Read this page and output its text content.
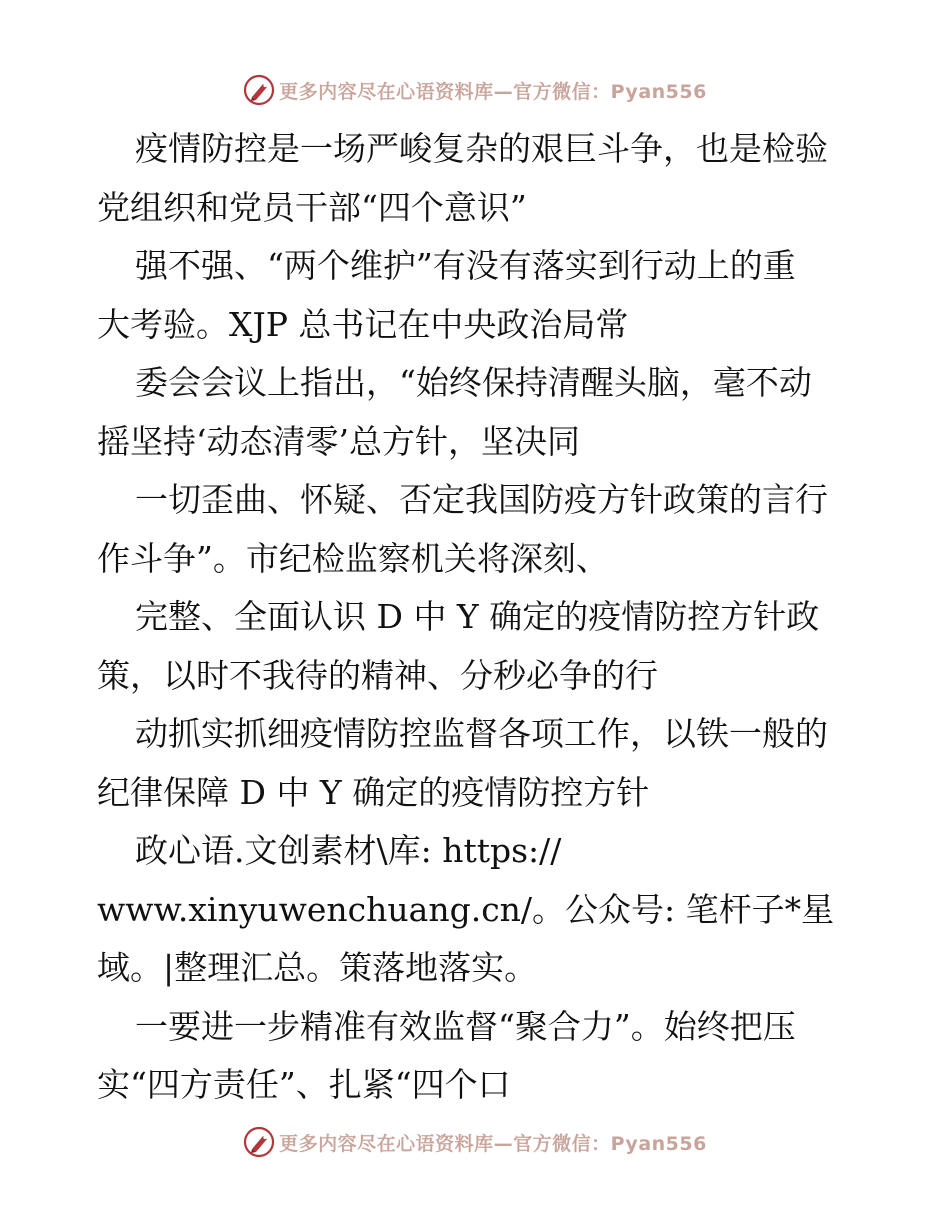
更多内容尽在心语资料库—官方微信：Pyan556
疫情防控是一场严峻复杂的艰巨斗争，也是检验
党组织和党员干部“四个意识”
强不强、“两个维护”有没有落实到行动上的重
大考验。XJP 总书记在中央政治局常
委会会议上指出，“始终保持清醒头脑，毫不动
摇坚持‘动态清零’总方针，坚决同
一切歪曲、怀疑、否定我国防疫方针政策的言行
作斗争”。市纪检监察机关将深刻、
完整、全面认识 D 中 Y 确定的疫情防控方针政
策，以时不我待的精神、分秒必争的行
动抓实抓细疫情防控监督各项工作，以铁一般的
纪律保障 D 中 Y 确定的疫情防控方针
政心语.文创素材\库: https://
www.xinyuwenchuang.cn/。公众号: 笔杆子*星
域。|整理汇总。策落地落实。
一要进一步精准有效监督“聚合力”。始终把压
实“四方责任”、扎紧“四个口
更多内容尽在心语资料库—官方微信：Pyan556
